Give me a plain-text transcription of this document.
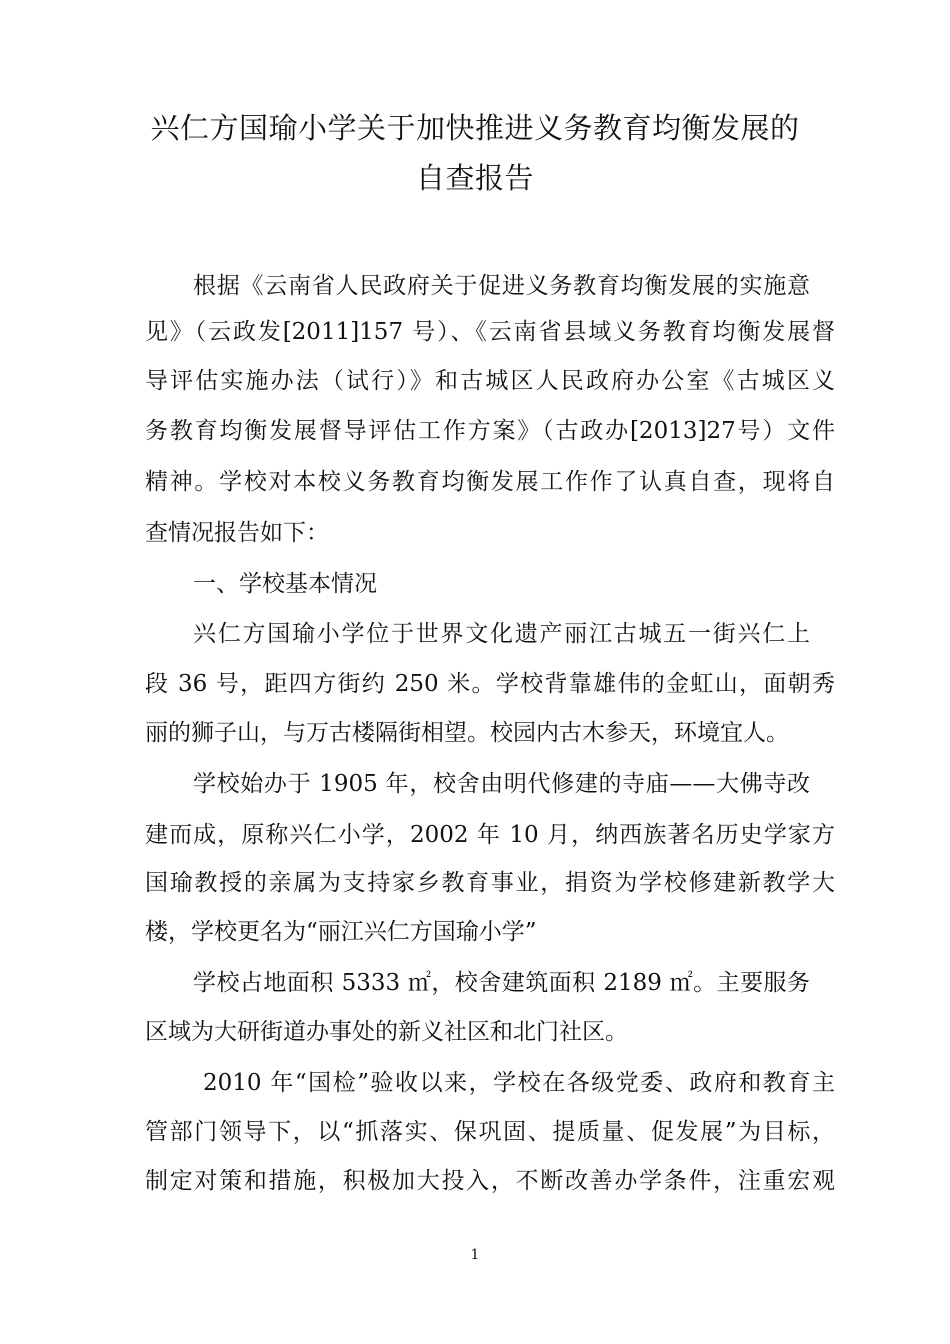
兴仁方国瑜小学关于加快推进义务教育均衡发展的
自查报告
根据《云南省人民政府关于促进义务教育均衡发展的实施意
见》（云政发[2011]157 号）、《云南省县域义务教育均衡发展督
导评估实施办法（试行）》和古城区人民政府办公室《古城区义
务教育均衡发展督导评估工作方案》（古政办[2013]27号）文件
精神。学校对本校义务教育均衡发展工作作了认真自查，现将自
查情况报告如下：
一、学校基本情况
兴仁方国瑜小学位于世界文化遗产丽江古城五一街兴仁上
段 36 号，距四方街约 250 米。学校背靠雄伟的金虹山，面朝秀
丽的狮子山，与万古楼隔街相望。校园内古木参天，环境宜人。
学校始办于 1905 年，校舍由明代修建的寺庙——大佛寺改
建而成，原称兴仁小学，2002 年 10 月，纳西族著名历史学家方
国瑜教授的亲属为支持家乡教育事业，捐资为学校修建新教学大
楼，学校更名为“丽江兴仁方国瑜小学”
学校占地面积 5333 ㎡，校舍建筑面积 2189 ㎡。主要服务
区域为大研街道办事处的新义社区和北门社区。
2010 年“国检”验收以来，学校在各级党委、政府和教育主
管部门领导下，以“抓落实、保巩固、提质量、促发展”为目标，
制定对策和措施，积极加大投入，不断改善办学条件，注重宏观
1
